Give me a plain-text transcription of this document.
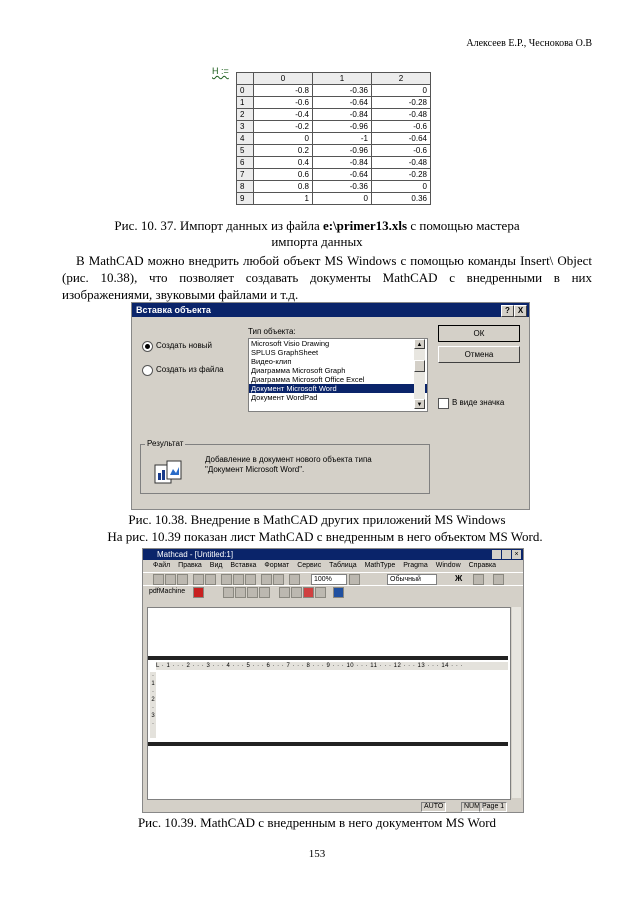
Алексеев Е.Р., Чеснокова О.В
H :=
	0	1	2
0	-0.8	-0.36	0
1	-0.6	-0.64	-0.28
2	-0.4	-0.84	-0.48
3	-0.2	-0.96	-0.6
4	0	-1	-0.64
5	0.2	-0.96	-0.6
6	0.4	-0.84	-0.48
7	0.6	-0.64	-0.28
8	0.8	-0.36	0
9	1	0	0.36
Рис. 10. 37. Импорт данных из файла e:\primer13.xls с помощью мастера
импорта данных
В MathCAD можно внедрить любой объект MS Windows с помощью команды Insert\ Object (рис. 10.38), что позволяет создавать документы MathCAD с внедренными в них изображениями, звуковыми файлами и т.д.
Вставка объекта	? X
Создать новый
Создать из файла
Тип объекта:
Microsoft Visio Drawing
SPLUS GraphSheet
Видео-клип
Диаграмма Microsoft Graph
Диаграмма Microsoft Office Excel
Документ Microsoft Word
Документ WordPad
▲
▼
ОК
Отмена
В виде значка
Результат
Добавление в документ нового объекта типа
"Документ Microsoft Word".
Рис. 10.38. Внедрение в MathCAD других приложений MS Windows
На рис. 10.39 показан лист MathCAD с внедренным в него объектом MS Word.
Mathcad - [Untitled:1]	×
Файл Правка Вид Вставка Формат Сервис Таблица MathType Pragma Window Справка
100%	Обычный	Ж
pdfMachine
L · 1 · · · 2 · · · 3 · · · 4 · · · 5 · · · 6 · · · 7 · · · 8 · · · 9 · · · 10 · · · 11 · · · 12 · · · 13 · · · 14 · · ·
· 1 · 2 · 3 ·
AUTO	NUM Page 1
Рис. 10.39. MathCAD с внедренным в него документом MS Word
153
